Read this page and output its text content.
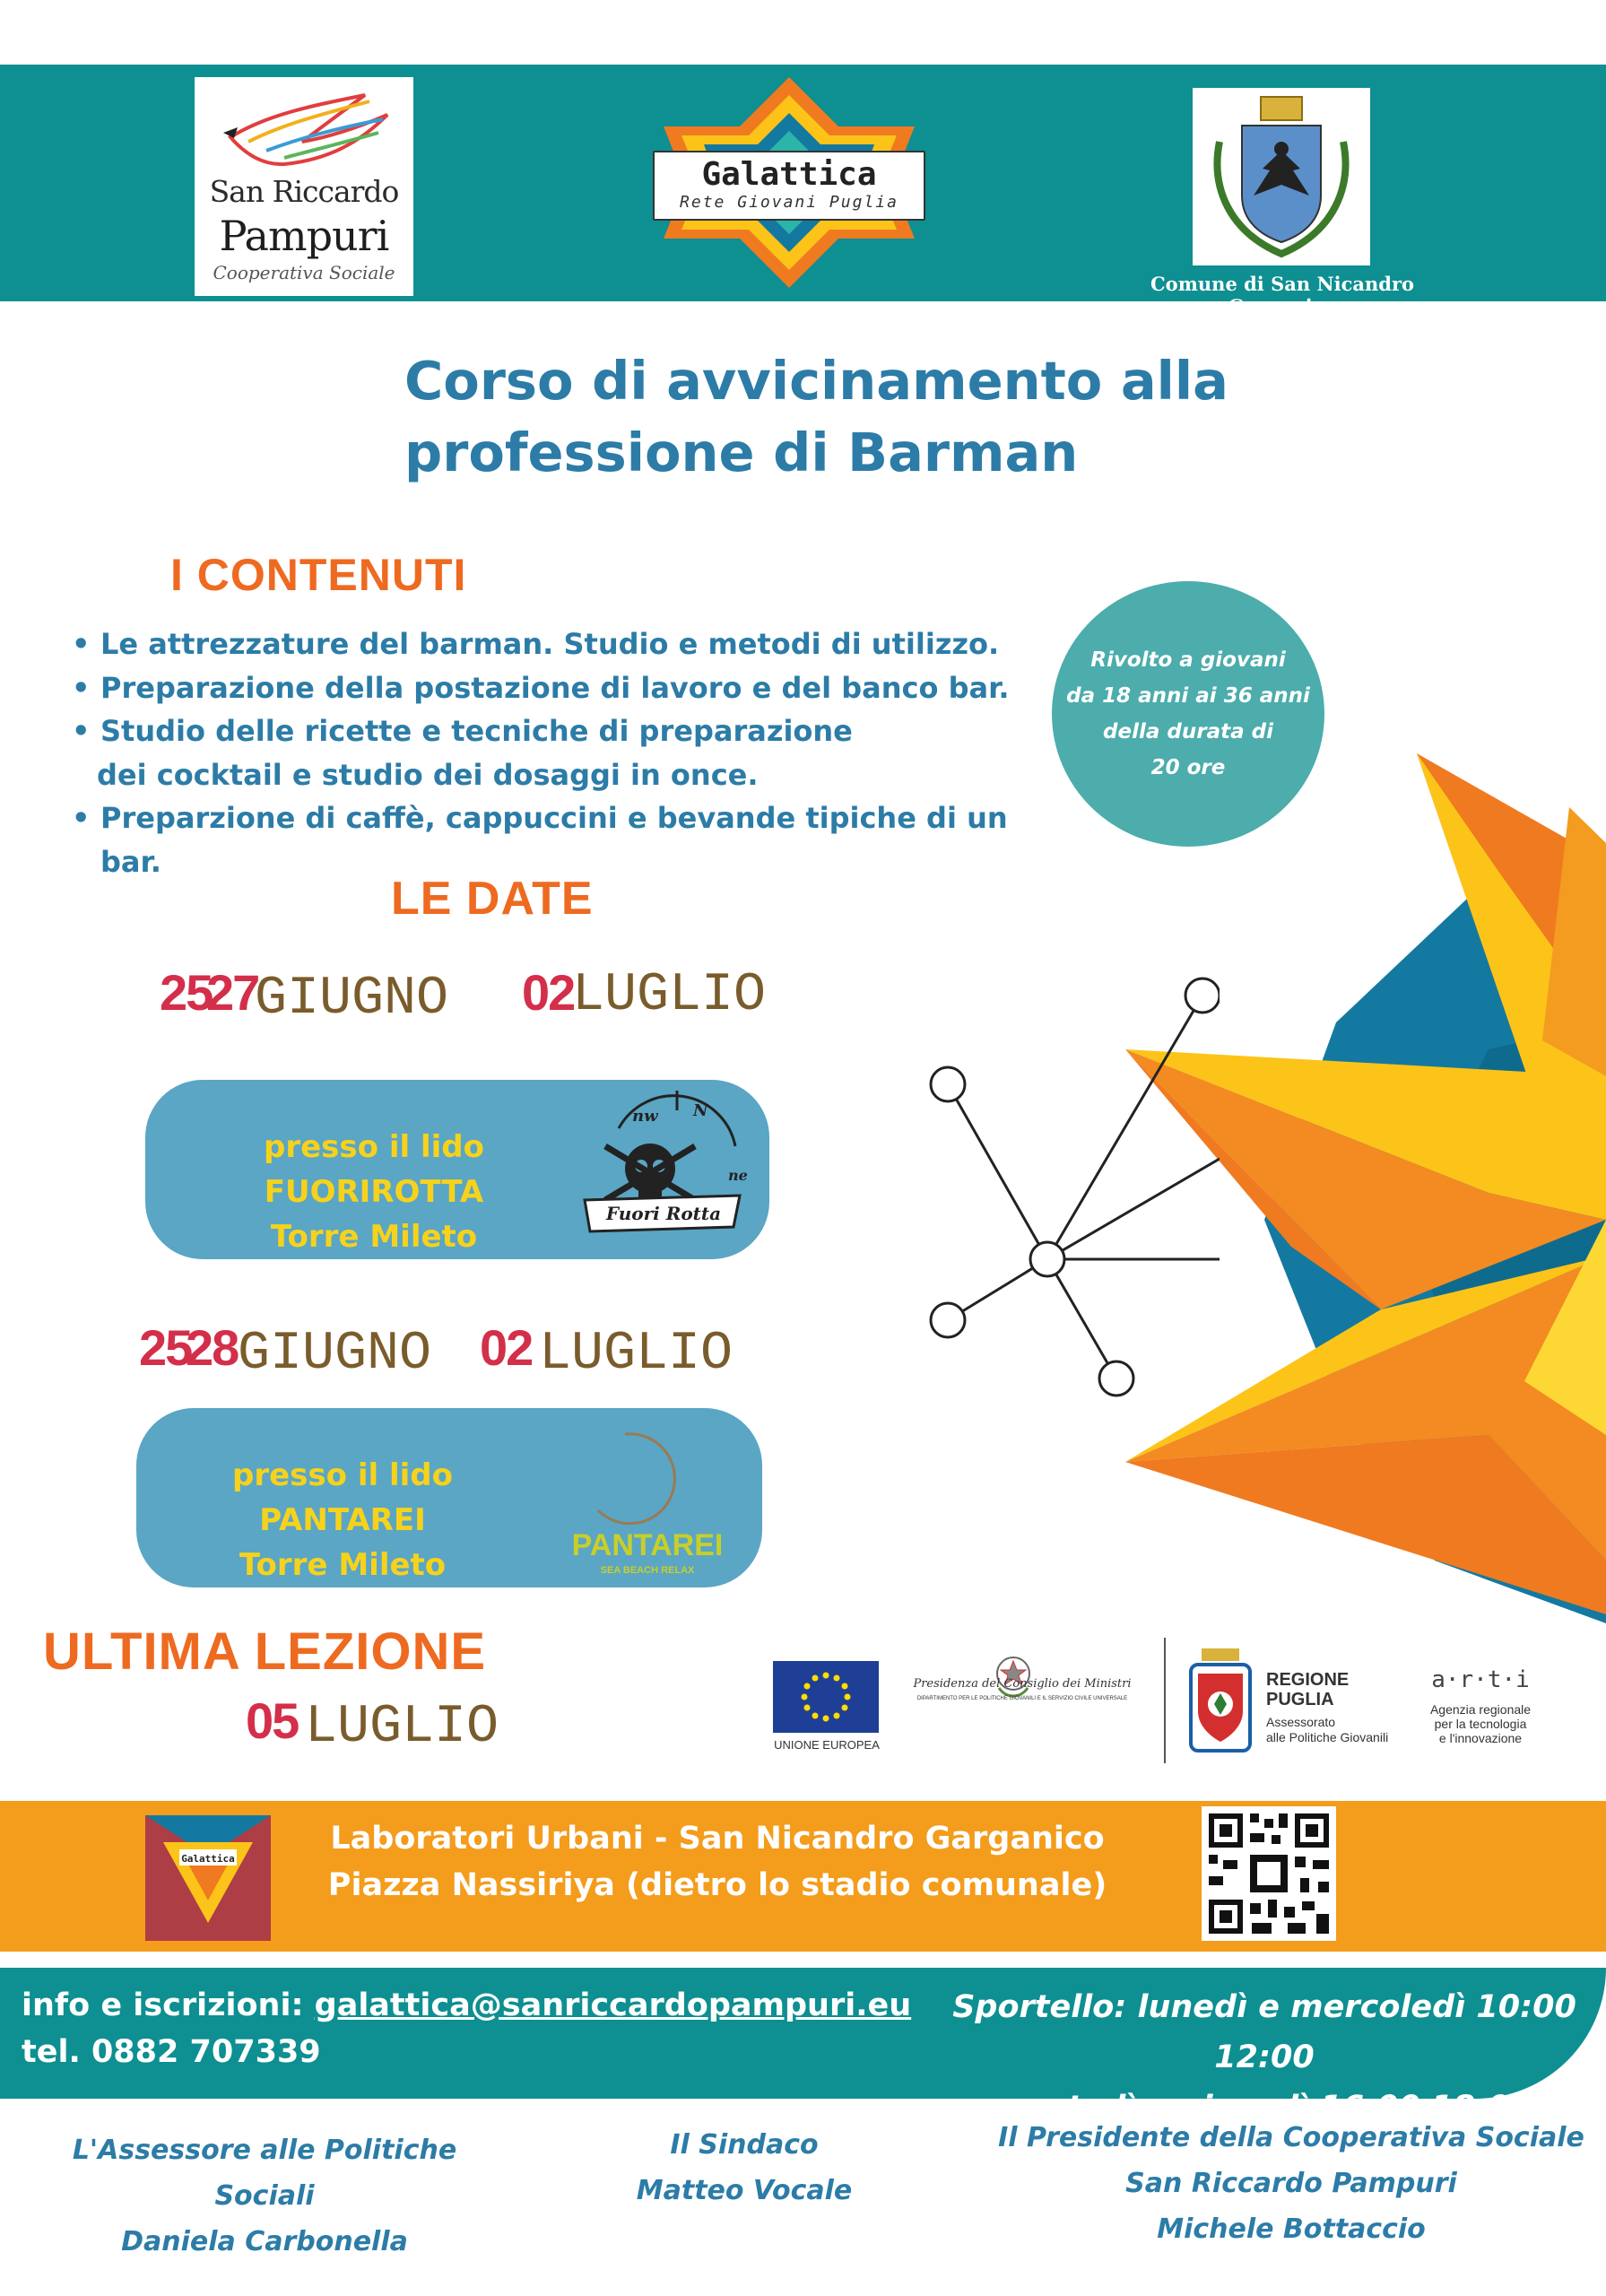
San Riccardo
Pampuri
Cooperativa Sociale
Galattica
Rete Giovani Puglia
Comune di San Nicandro Garganico
Corso di avvicinamento alla
professione di Barman
I CONTENUTI
• Le attrezzature del barman. Studio e metodi di utilizzo.
• Preparazione della postazione di lavoro e del banco bar.
• Studio delle ricette e tecniche di preparazione
dei cocktail e studio dei dosaggi in once.
• Preparzione di caffè, cappuccini e bevande tipiche di un bar.
Rivolto a giovani
da 18 anni ai 36 anni
della durata di
20 ore
LE DATE
25
27
GIUGNO 02
LUGLIO
presso il lido FUORIROTTA
Torre Mileto
nw N
ne
Fuori Rotta
25
28 GIUGNO 02 LUGLIO
presso il lido PANTAREI
Torre Mileto
PANTAREI
SEA BEACH RELAX
ULTIMA LEZIONE
05 LUGLIO	UNIONE EUROPEA
Presidenza del Consiglio dei Ministri
DIPARTIMENTO PER LE POLITICHE GIOVANILI E IL SERVIZIO CIVILE UNIVERSALE
REGIONE
PUGLIA
Assessorato
alle Politiche Giovanili
a·r·t·i
Agenzia regionale
per la tecnologia
e l'innovazione
Galattica
Laboratori Urbani - San Nicandro Garganico
Piazza Nassiriya (dietro lo stadio comunale)
info e iscrizioni: galattica@sanriccardopampuri.eu
tel. 0882 707339
Sportello: lunedì e mercoledì 10:00 12:00
martedì e giovedì 16:00 18:00
L'Assessore alle Politiche Sociali
Daniela Carbonella
Il Sindaco
Matteo Vocale
Il Presidente della Cooperativa Sociale
San Riccardo Pampuri
Michele Bottaccio
